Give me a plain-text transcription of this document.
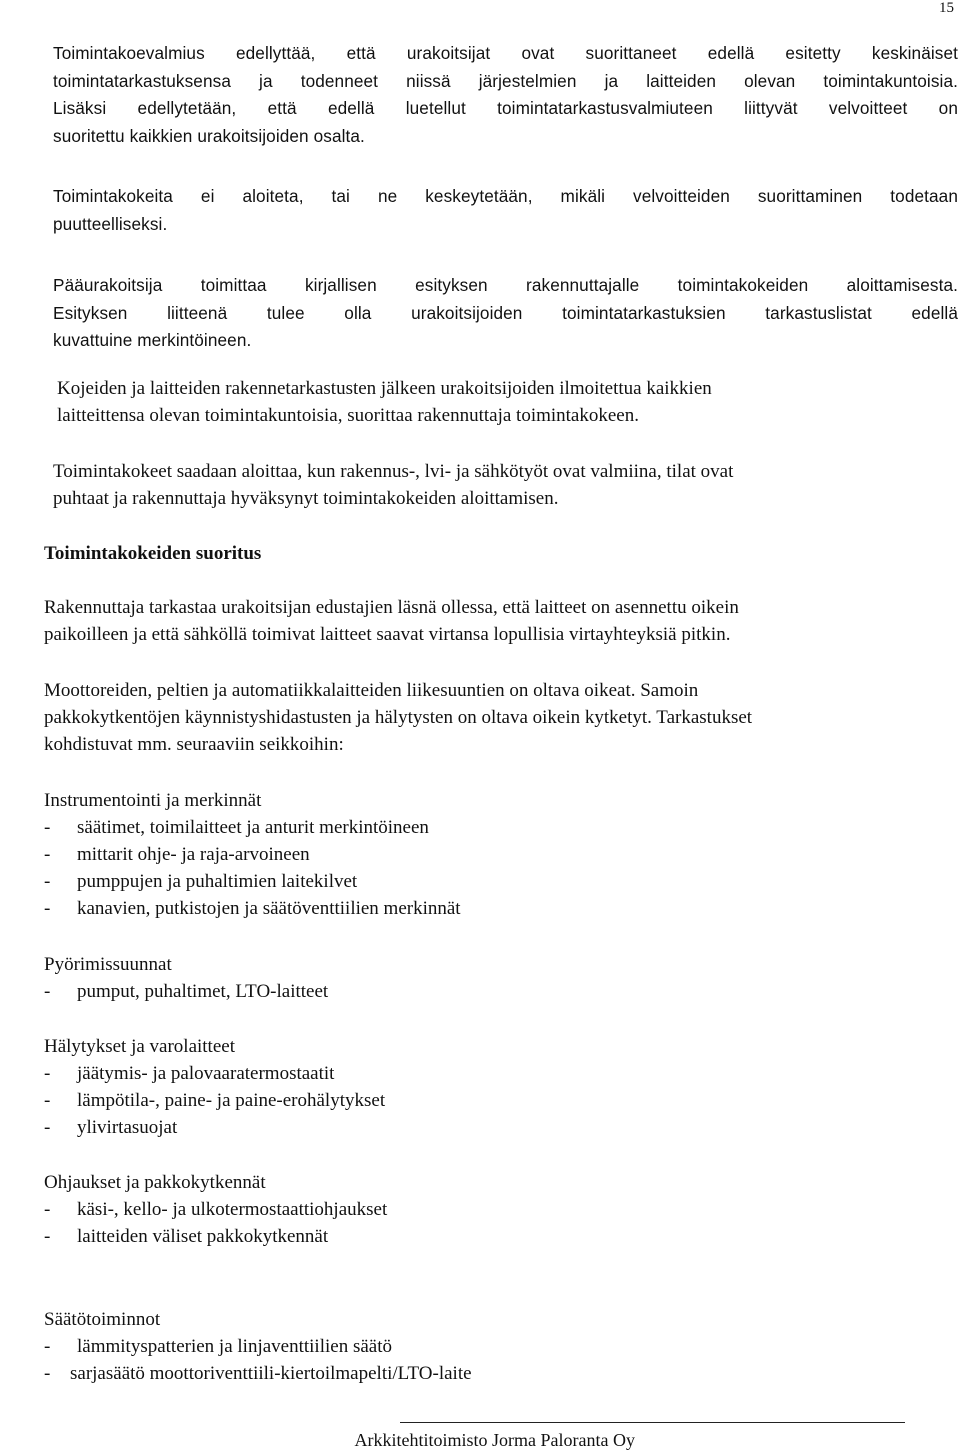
15
Toimintakoevalmius edellyttää, että urakoitsijat ovat suorittaneet edellä esitetty keskinäiset
toimintatarkastuksensa ja todenneet niissä järjestelmien ja laitteiden olevan toimintakuntoisia.
Lisäksi edellytetään, että edellä luetellut toimintatarkastusvalmiuteen liittyvät velvoitteet on
suoritettu kaikkien urakoitsijoiden osalta.
Toimintakokeita ei aloiteta, tai ne keskeytetään, mikäli velvoitteiden suorittaminen todetaan
puutteelliseksi.
Pääurakoitsija toimittaa kirjallisen esityksen rakennuttajalle toimintakokeiden aloittamisesta.
Esityksen liitteenä tulee olla urakoitsijoiden toimintatarkastuksien tarkastuslistat edellä
kuvattuine merkintöineen.
Kojeiden ja laitteiden rakennetarkastusten jälkeen urakoitsijoiden ilmoitettua kaikkien
laitteittensa olevan toimintakuntoisia, suorittaa rakennuttaja toimintakokeen.
Toimintakokeet saadaan aloittaa, kun rakennus-, lvi- ja sähkötyöt ovat valmiina, tilat ovat
puhtaat ja rakennuttaja hyväksynyt toimintakokeiden aloittamisen.
Toimintakokeiden suoritus
Rakennuttaja tarkastaa urakoitsijan edustajien läsnä ollessa, että laitteet on asennettu oikein
paikoilleen ja että sähköllä toimivat laitteet saavat virtansa lopullisia virtayhteyksiä pitkin.
Moottoreiden, peltien ja automatiikkalaitteiden liikesuuntien on oltava oikeat. Samoin
pakkokytkentöjen käynnistyshidastusten ja hälytysten on oltava oikein kytketyt. Tarkastukset
kohdistuvat mm. seuraaviin seikkoihin:
Instrumentointi ja merkinnät
-	säätimet, toimilaitteet ja anturit merkintöineen
-	mittarit ohje- ja raja-arvoineen
-	pumppujen ja puhaltimien laitekilvet
-	kanavien, putkistojen ja säätöventtiilien merkinnät
Pyörimissuunnat
-	pumput, puhaltimet, LTO-laitteet
Hälytykset ja varolaitteet
-	jäätymis- ja palovaaratermostaatit
-	lämpötila-, paine- ja paine-erohälytykset
-	ylivirtasuojat
Ohjaukset ja pakkokytkennät
-	käsi-, kello- ja ulkotermostaattiohjaukset
-	laitteiden väliset pakkokytkennät
Säätötoiminnot
-	lämmityspatterien ja linjaventtiilien säätö
-	sarjasäätö moottoriventtiili-kiertoilmapelti/LTO-laite
Arkkitehtitoimisto Jorma Paloranta Oy
